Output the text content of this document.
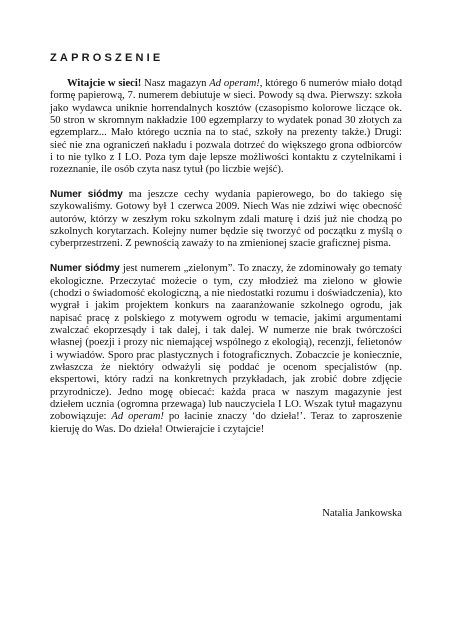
ZAPROSZENIE

Witajcie w sieci! Nasz magazyn Ad operam!, którego 6 numerów miało dotąd formę papierową, 7. numerem debiutuje w sieci. Powody są dwa. Pierwszy: szkoła jako wydawca uniknie horrendalnych kosztów (czasopismo kolorowe liczące ok. 50 stron w skromnym nakładzie 100 egzemplarzy to wydatek ponad 30 złotych za egzemplarz... Mało którego ucznia na to stać, szkoły na prezenty także.) Drugi: sieć nie zna ograniczeń nakładu i pozwala dotrzeć do większego grona odbiorców i to nie tylko z I LO. Poza tym daje lepsze możliwości kontaktu z czytelnikami i rozeznanie, ile osób czyta nasz tytuł (po liczbie wejść).

Numer siódmy ma jeszcze cechy wydania papierowego, bo do takiego się szykowaliśmy. Gotowy był 1 czerwca 2009. Niech Was nie zdziwi więc obecność autorów, którzy w zeszłym roku szkolnym zdali maturę i dziś już nie chodzą po szkolnych korytarzach. Kolejny numer będzie się tworzyć od początku z myślą o cyberprzestrzeni. Z pewnością zaważy to na zmienionej szacie graficznej pisma.

Numer siódmy jest numerem „zielonym”. To znaczy, że zdominowały go tematy ekologiczne. Przeczytać możecie o tym, czy młodzież ma zielono w głowie (chodzi o świadomość ekologiczną, a nie niedostatki rozumu i doświadczenia), kto wygrał i jakim projektem konkurs na zaaranżowanie szkolnego ogrodu, jak napisać pracę z polskiego z motywem ogrodu w temacie, jakimi argumentami zwalczać ekoprzesądy i tak dalej, i tak dalej. W numerze nie brak twórczości własnej (poezji i prozy nic niemającej wspólnego z ekologią), recenzji, felietonów i wywiadów. Sporo prac plastycznych i fotograficznych. Zobaczcie je koniecznie, zwłaszcza że niektóry odważyli się poddać je ocenom specjalistów (np. ekspertowi, który radzi na konkretnych przykładach, jak zrobić dobre zdjęcie przyrodnicze). Jedno mogę obiecać: każda praca w naszym magazynie jest dziełem ucznia (ogromna przewaga) lub nauczyciela I LO. Wszak tytuł magazynu zobowiązuje: Ad operam! po łacinie znaczy ‘do dzieła!’. Teraz to zaproszenie kieruję do Was. Do dzieła! Otwierajcie i czytajcie!

Natalia Jankowska
